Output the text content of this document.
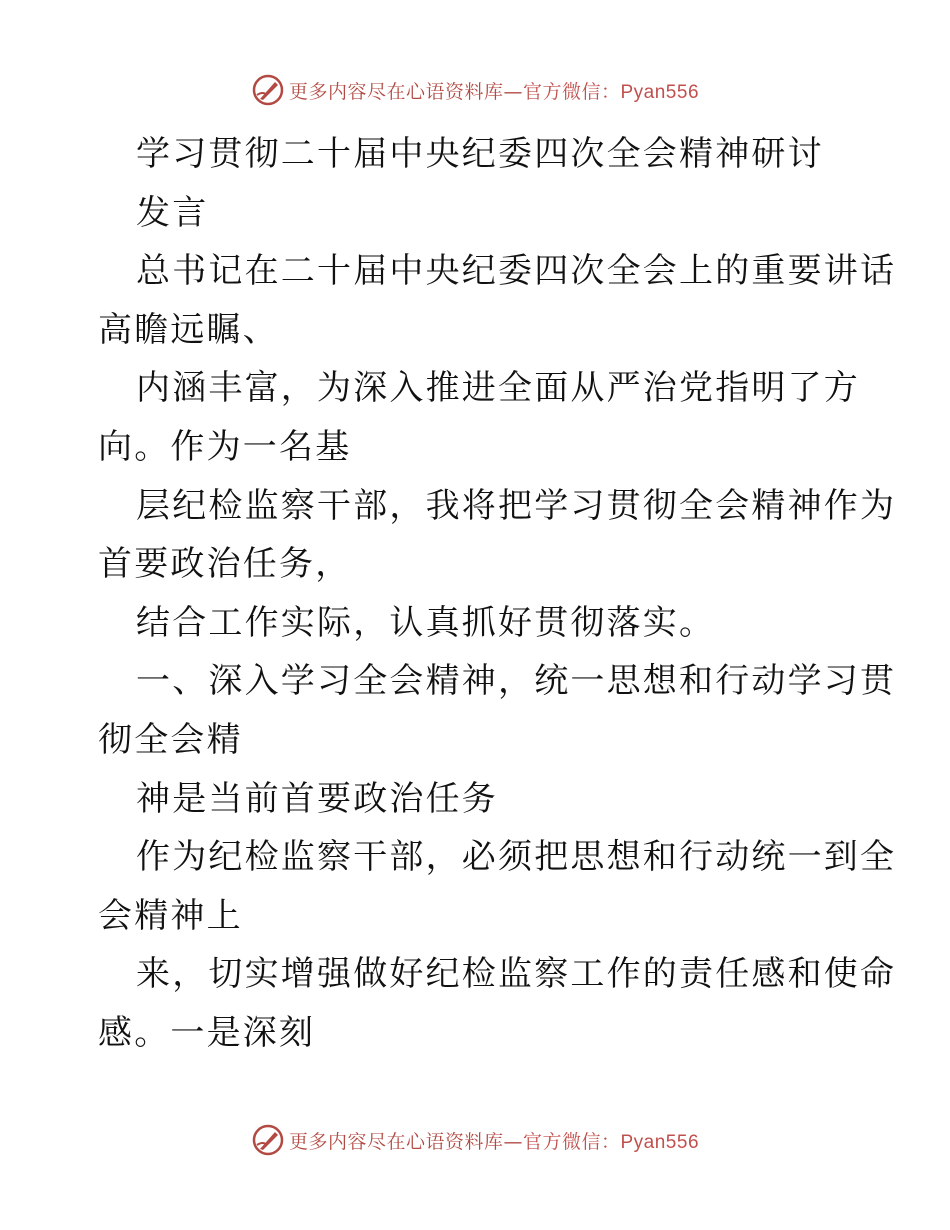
更多内容尽在心语资料库—官方微信：Pyan556
学习贯彻二十届中央纪委四次全会精神研讨
发言
总书记在二十届中央纪委四次全会上的重要讲话
高瞻远瞩、
内涵丰富，为深入推进全面从严治党指明了方
向。作为一名基
层纪检监察干部，我将把学习贯彻全会精神作为
首要政治任务，
结合工作实际，认真抓好贯彻落实。
一、深入学习全会精神，统一思想和行动学习贯
彻全会精
神是当前首要政治任务
作为纪检监察干部，必须把思想和行动统一到全
会精神上
来，切实增强做好纪检监察工作的责任感和使命
感。一是深刻
更多内容尽在心语资料库—官方微信：Pyan556
